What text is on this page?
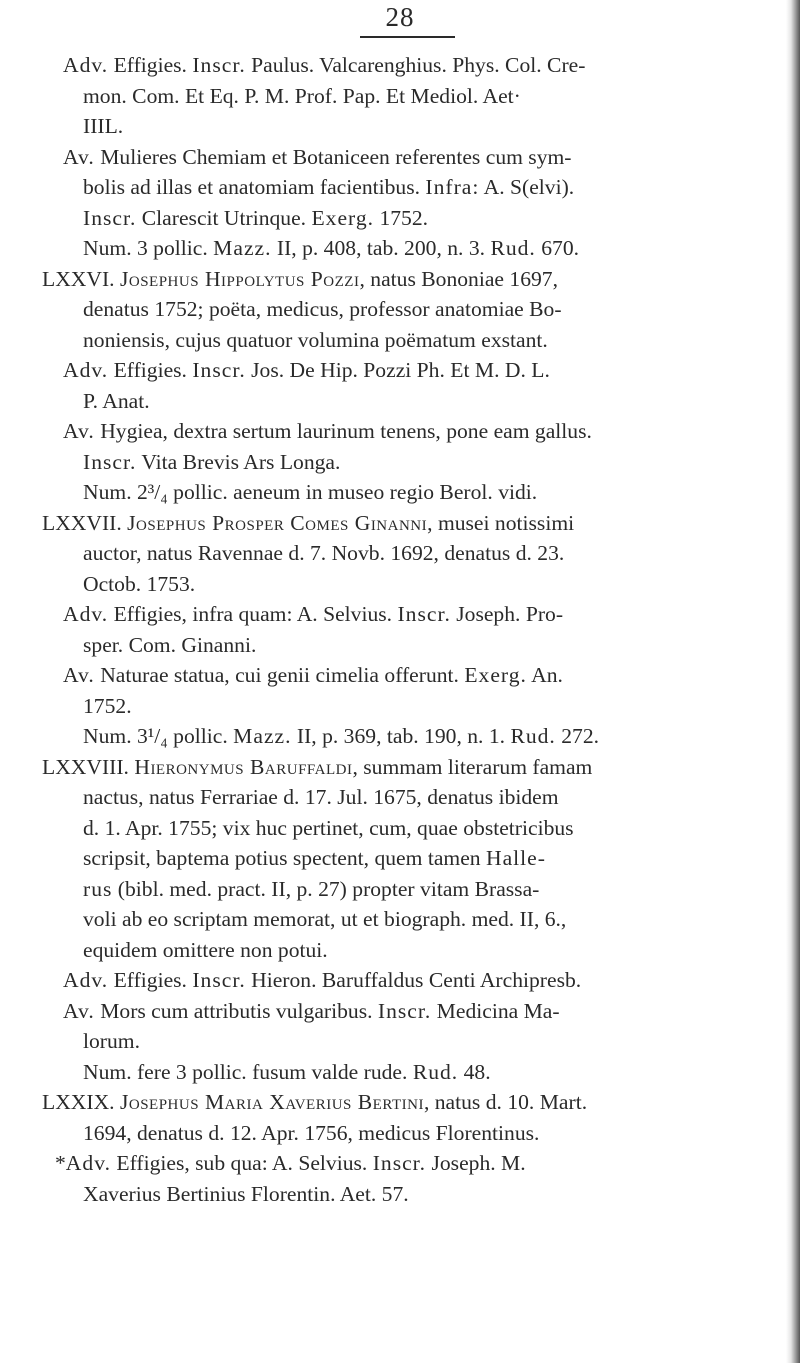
28
Adv. Effigies. Inscr. Paulus. Valcarenghius. Phys. Col. Cre-
mon. Com. Et Eq. P. M. Prof. Pap. Et Mediol. Aet·
IIIL.
Av. Mulieres Chemiam et Botaniceen referentes cum sym-
bolis ad illas et anatomiam facientibus. Infra: A. S(elvi).
Inscr. Clarescit Utrinque. Exerg. 1752.
Num. 3 pollic. Mazz. II, p. 408, tab. 200, n. 3. Rud. 670.
LXXVI. Josephus Hippolytus Pozzi, natus Bononiae 1697,
denatus 1752; poëta, medicus, professor anatomiae Bo-
noniensis, cujus quatuor volumina poëmatum exstant.
Adv. Effigies. Inscr. Jos. De Hip. Pozzi Ph. Et M. D. L.
P. Anat.
Av. Hygiea, dextra sertum laurinum tenens, pone eam gallus.
Inscr. Vita Brevis Ars Longa.
Num. 2³/₄ pollic. aeneum in museo regio Berol. vidi.
LXXVII. Josephus Prosper Comes Ginanni, musei notissimi
auctor, natus Ravennae d. 7. Novb. 1692, denatus d. 23.
Octob. 1753.
Adv. Effigies, infra quam: A. Selvius. Inscr. Joseph. Pro-
sper. Com. Ginanni.
Av. Naturae statua, cui genii cimelia offerunt. Exerg. An.
1752.
Num. 3¹/₄ pollic. Mazz. II, p. 369, tab. 190, n. 1. Rud. 272.
LXXVIII. Hieronymus Baruffaldi, summam literarum famam
nactus, natus Ferrariae d. 17. Jul. 1675, denatus ibidem
d. 1. Apr. 1755; vix huc pertinet, cum, quae obstetricibus
scripsit, baptema potius spectent, quem tamen Halle-
rus (bibl. med. pract. II, p. 27) propter vitam Brassa-
voli ab eo scriptam memorat, ut et biograph. med. II, 6.,
equidem omittere non potui.
Adv. Effigies. Inscr. Hieron. Baruffaldus Centi Archipresb.
Av. Mors cum attributis vulgaribus. Inscr. Medicina Ma-
lorum.
Num. fere 3 pollic. fusum valde rude. Rud. 48.
LXXIX. Josephus Maria Xaverius Bertini, natus d. 10. Mart.
1694, denatus d. 12. Apr. 1756, medicus Florentinus.
*Adv. Effigies, sub qua: A. Selvius. Inscr. Joseph. M.
Xaverius Bertinius Florentin. Aet. 57.
